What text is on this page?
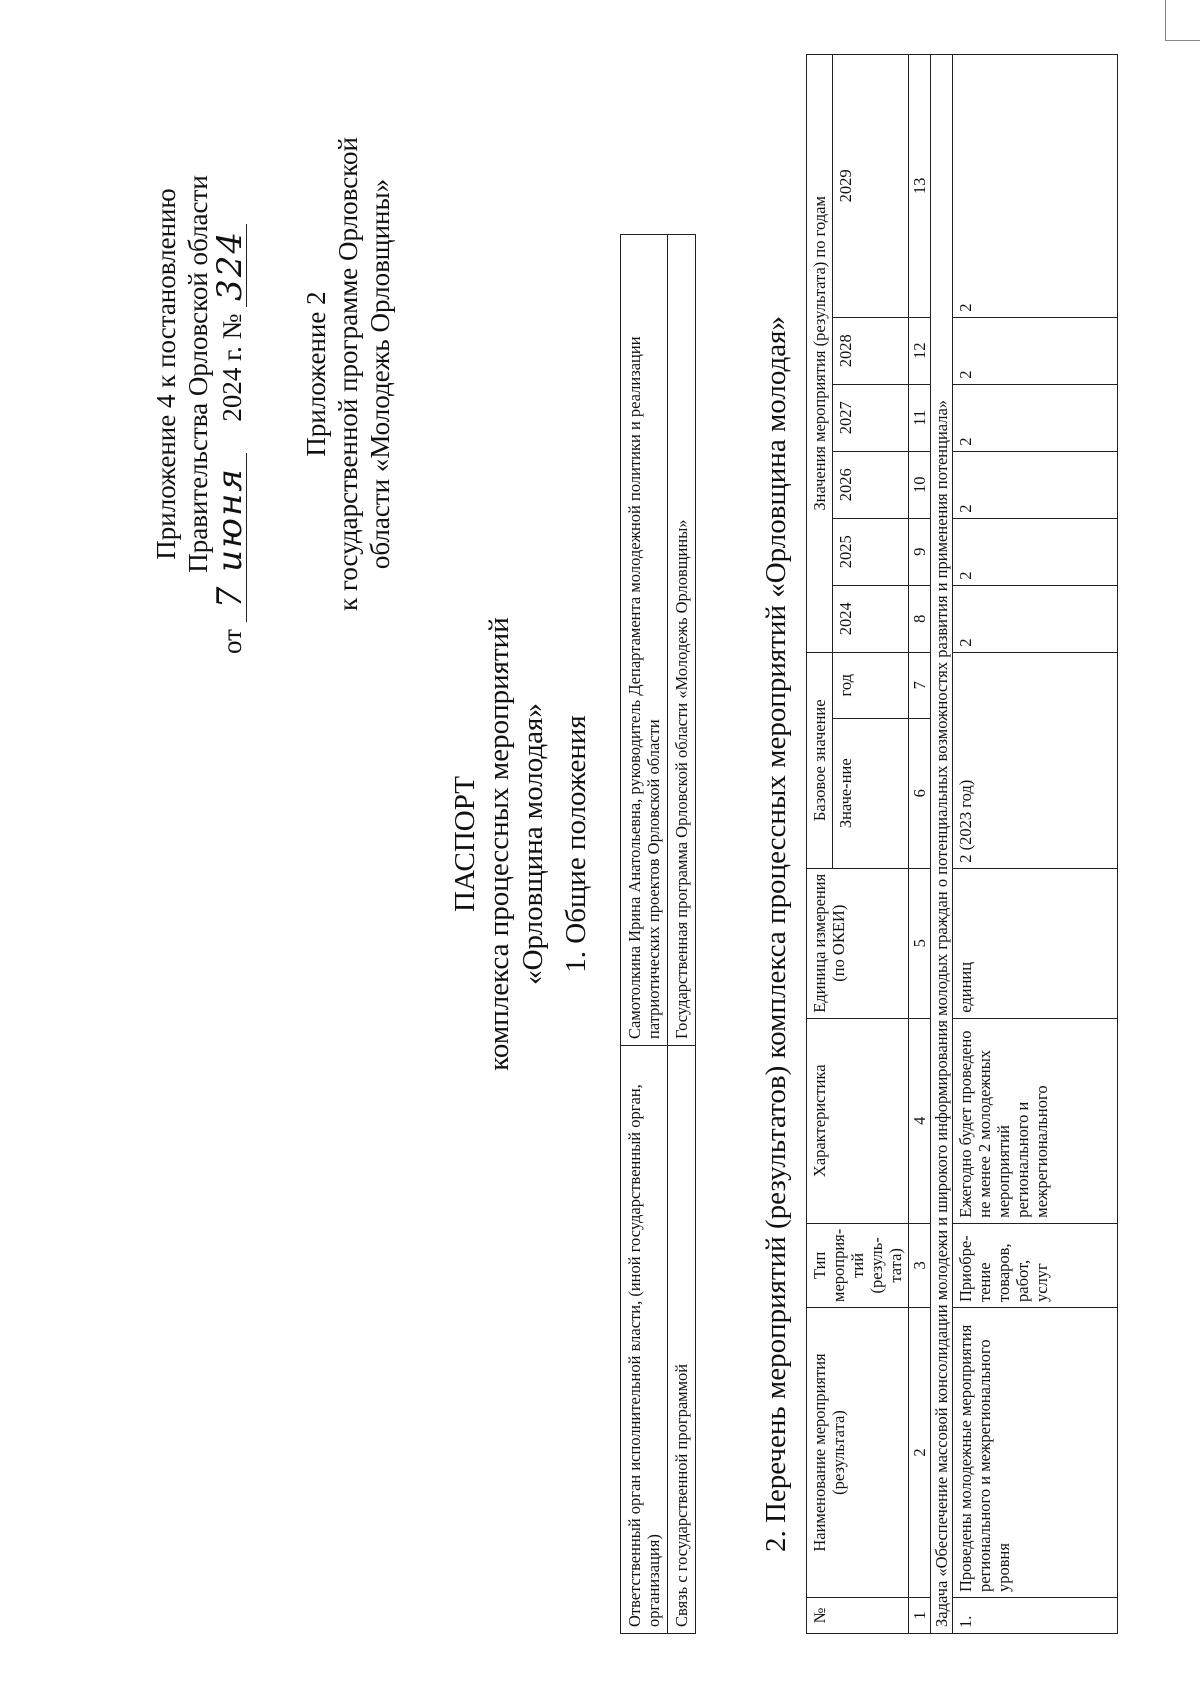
Приложение 4 к постановлению Правительства Орловской области
от 7 июня  2024 г. № 324
Приложение 2 к государственной программе Орловской области «Молодежь Орловщины»
ПАСПОРТ комплекса процессных мероприятий «Орловщина молодая» 1. Общие положения
Ответственный орган исполнительной власти, (иной государственный орган, организация)	Самотолкина Ирина Анатольевна, руководитель Департамента молодежной политики и реализации патриотических проектов Орловской области
Связь с государственной программой	Государственная программа Орловской области «Молодежь Орловщины» 2. Перечень мероприятий (результатов) комплекса процессных мероприятий «Орловщина молодая»
№	Наименование мероприятия (результата)	Тип мероприя-тий (резуль-тата)	Характеристика	Единица измерения (по ОКЕИ)	Базовое значение		Значения мероприятия (результата) по годам					
					Значе-ние	год	2024	2025	2026	2027	2028	2029

1	2	3	4	5	6	7	8	9	10	11	12	13
Задача «Обеспечение массовой консолидации молодежи и широкого информирования молодых граждан о потенциальных возможностях развития и применения потенциала»												
1.	Проведены молодежные мероприятия регионального и межрегионального уровня	Приобре-тение товаров, работ, услуг	Ежегодно будет проведено не менее 2 молодежных мероприятий регионального и межрегионального	единиц	2 (2023 год)		2	2	2	2	2	2
